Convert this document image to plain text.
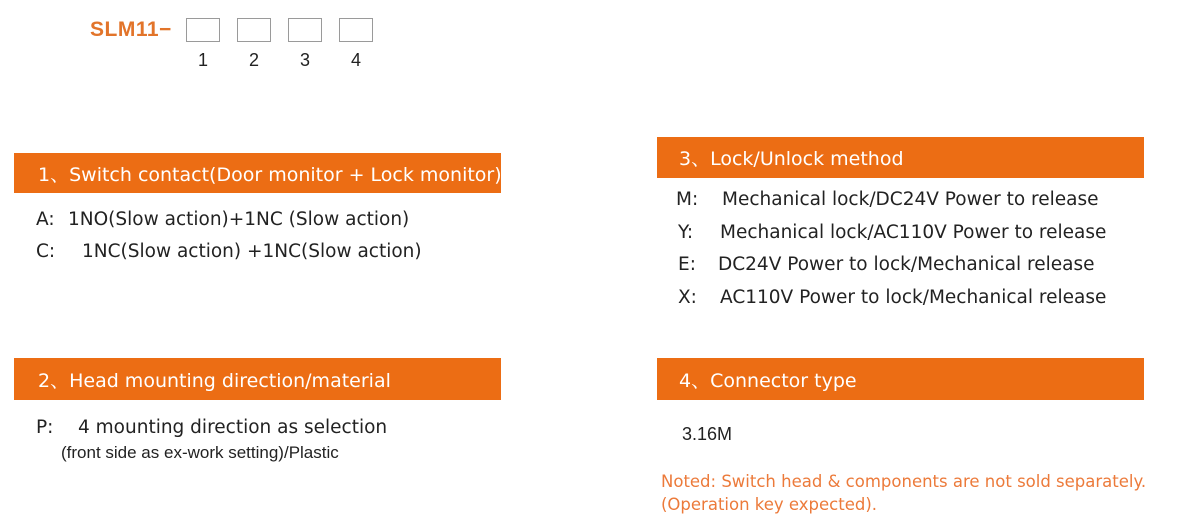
SLM11−
1	2	3	4
1、Switch contact(Door monitor + Lock monitor)
A: 1NO(Slow action)+1NC (Slow action)
C: 1NC(Slow action) +1NC(Slow action)
2、Head mounting direction/material
P: 4 mounting direction as selection
(front side as ex-work setting)/Plastic
3、Lock/Unlock method
M: Mechanical lock/DC24V Power to release
Y: Mechanical lock/AC110V Power to release
E: DC24V Power to lock/Mechanical release
X: AC110V Power to lock/Mechanical release
4、Connector type
3.16M
Noted: Switch head & components are not sold separately.
(Operation key expected).
